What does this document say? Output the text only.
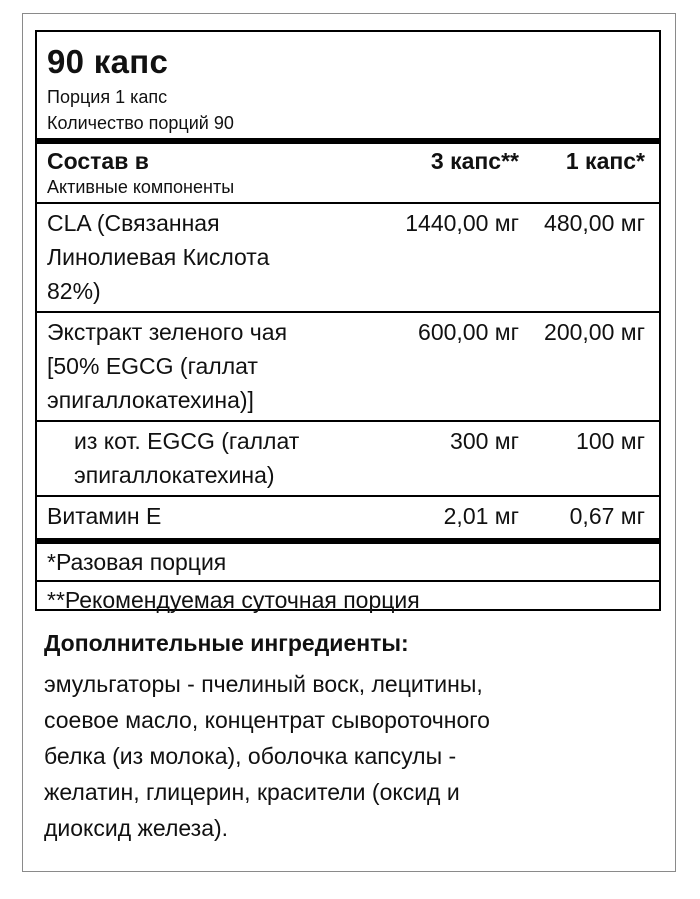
90 капс
Порция 1 капс
Количество порций 90
Состав в	3 капс**	1 капс*
Активные компоненты
CLA (Связанная
Линолиевая Кислота
82%)
1440,00 мг	480,00 мг
Экстракт зеленого чая
[50% EGCG (галлат
эпигаллокатехина)]
600,00 мг	200,00 мг
из кот. EGCG (галлат
эпигаллокатехина)
300 мг	100 мг
Витамин E	2,01 мг	0,67 мг
*Разовая порция
**Рекомендуемая суточная порция
Дополнительные ингредиенты:
эмульгаторы - пчелиный воск, лецитины,
соевое масло, концентрат сывороточного
белка (из молока), оболочка капсулы -
желатин, глицерин, красители (оксид и
диоксид железа).
